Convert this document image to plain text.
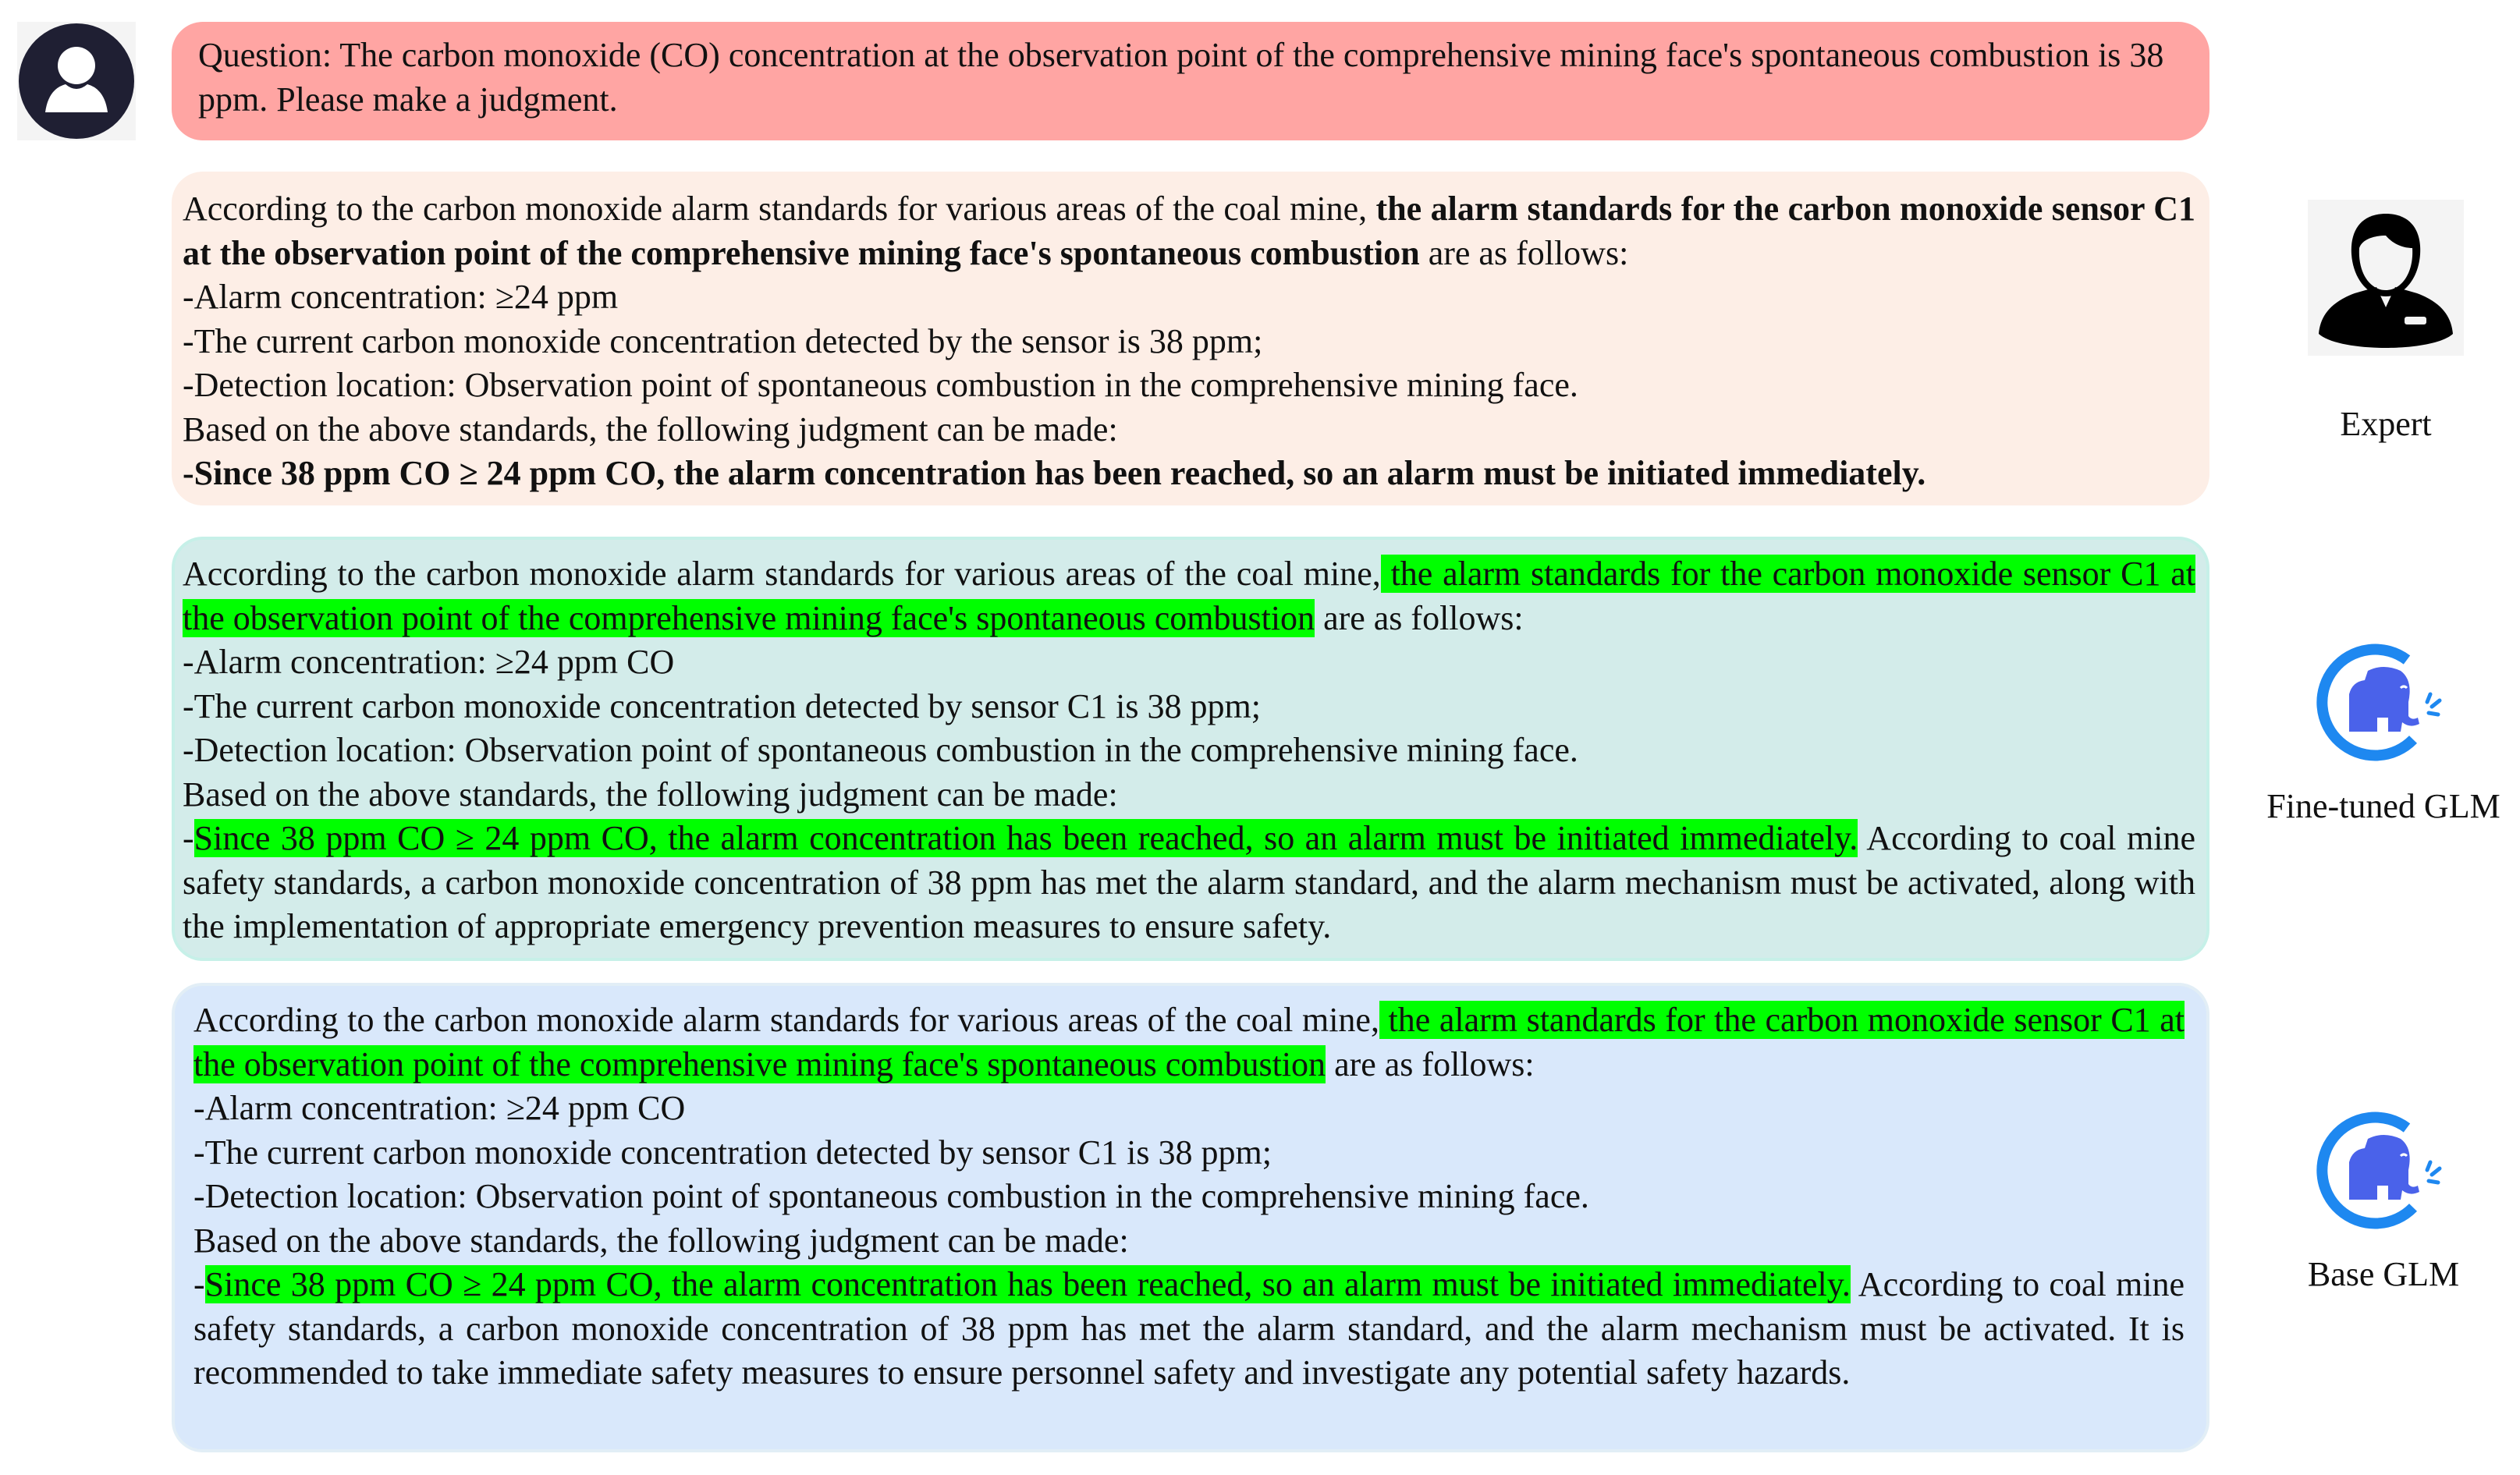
Question: The carbon monoxide (CO) concentration at the observation point of the comprehensive mining face's spontaneous combustion is 38 ppm. Please make a judgment.

According to the carbon monoxide alarm standards for various areas of the coal mine, the alarm standards for the carbon monoxide sensor C1 at the observation point of the comprehensive mining face's spontaneous combustion are as follows:

-Alarm concentration: ≥24 ppm

-The current carbon monoxide concentration detected by the sensor is 38 ppm;

-Detection location: Observation point of spontaneous combustion in the comprehensive mining face.

Based on the above standards, the following judgment can be made:

-Since 38 ppm CO ≥ 24 ppm CO, the alarm concentration has been reached, so an alarm must be initiated immediately.

According to the carbon monoxide alarm standards for various areas of the coal mine, the alarm standards for the carbon monoxide sensor C1 at the observation point of the comprehensive mining face's spontaneous combustion are as follows:

-Alarm concentration: ≥24 ppm CO

-The current carbon monoxide concentration detected by sensor C1 is 38 ppm;

-Detection location: Observation point of spontaneous combustion in the comprehensive mining face.

Based on the above standards, the following judgment can be made:

-Since 38 ppm CO ≥ 24 ppm CO, the alarm concentration has been reached, so an alarm must be initiated immediately. According to coal mine safety standards, a carbon monoxide concentration of 38 ppm has met the alarm standard, and the alarm mechanism must be activated, along with the implementation of appropriate emergency prevention measures to ensure safety.

According to the carbon monoxide alarm standards for various areas of the coal mine, the alarm standards for the carbon monoxide sensor C1 at the observation point of the comprehensive mining face's spontaneous combustion are as follows:

-Alarm concentration: ≥24 ppm CO

-The current carbon monoxide concentration detected by sensor C1 is 38 ppm;

-Detection location: Observation point of spontaneous combustion in the comprehensive mining face.

Based on the above standards, the following judgment can be made:

-Since 38 ppm CO ≥ 24 ppm CO, the alarm concentration has been reached, so an alarm must be initiated immediately. According to coal mine safety standards, a carbon monoxide concentration of 38 ppm has met the alarm standard, and the alarm mechanism must be activated. It is recommended to take immediate safety measures to ensure personnel safety and investigate any potential safety hazards.

Expert
Fine-tuned GLM
Base GLM
